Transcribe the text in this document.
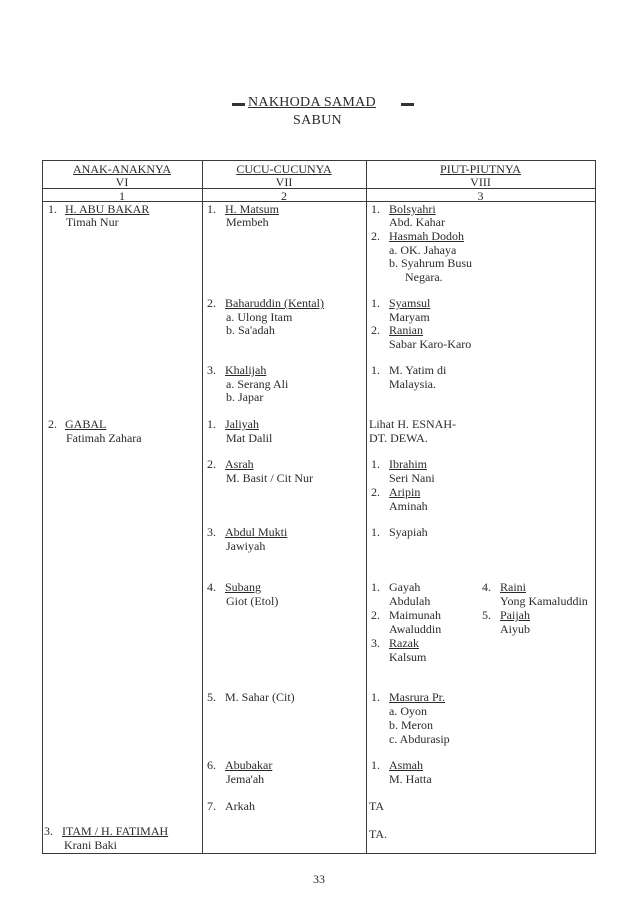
NAKHODA SAMAD
SABUN
ANAK-ANAKNYA
VI
1
CUCU-CUCUNYA
VII
2
PIUT-PIUTNYA
VIII
3
1. H. ABU BAKAR
Timah Nur
2. GABAL
Fatimah Zahara
3. ITAM / H. FATIMAH
Krani Baki
1. H. Matsum
Membeh
2. Baharuddin (Kental)
a. Ulong Itam
b. Sa'adah
3. Khalijah
a. Serang Ali
b. Japar
1. Jaliyah
Mat Dalil
2. Asrah
M. Basit / Cit Nur
3. Abdul Mukti
Jawiyah
4. Subang
Giot (Etol)
5. M. Sahar (Cit)
6. Abubakar
Jema'ah
7. Arkah
1. Bolsyahri
Abd. Kahar
2. Hasmah Dodoh
a. OK. Jahaya
b. Syahrum Busu
Negara.
1. Syamsul
Maryam
2. Ranian
Sabar Karo-Karo
1. M. Yatim di
Malaysia.
Lihat H. ESNAH-
DT. DEWA.
1. Ibrahim
Seri Nani
2. Aripin
Aminah
1. Syapiah
1. Gayah
Abdulah
2. Maimunah
Awaluddin
3. Razak
Kalsum
4. Raini
Yong Kamaluddin
5. Paijah
Aiyub
1. Masrura Pr.
a. Oyon
b. Meron
c. Abdurasip
1. Asmah
M. Hatta
TA
TA.
33
